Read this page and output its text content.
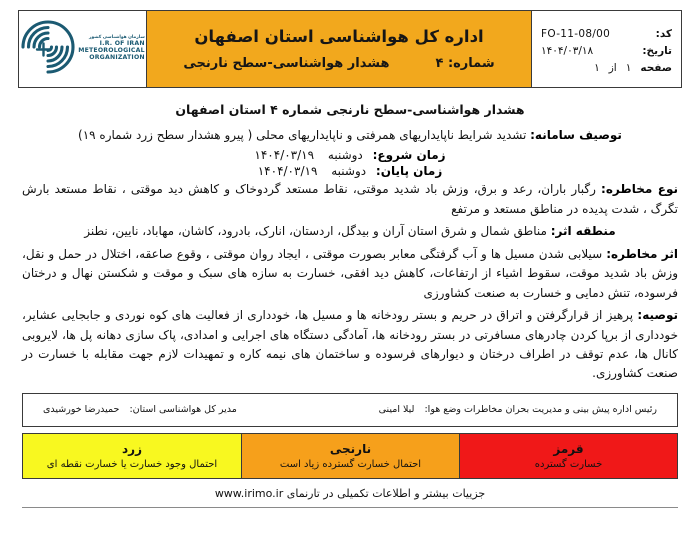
کد:
FO-11-08/00
تاریخ:
۱۴۰۴/۰۳/۱۸
صفحه
۱
از
۱
اداره کل هواشناسی استان اصفهان
شماره: ۴
هشدار هواشناسی-سطح نارنجی
سازمان هواشناسی کشور
I.R. OF IRAN
METEOROLOGICAL
ORGANIZATION
هشدار هواشناسی-سطح نارنجی شماره ۴ استان اصفهان
توصیف سامانه: تشدید شرایط ناپایداریهای همرفتی و ناپایداریهای محلی ( پیرو هشدار سطح زرد شماره ۱۹)
زمان شروع: دوشنبه ۱۴۰۴/۰۳/۱۹
زمان پایان: دوشنبه ۱۴۰۴/۰۳/۱۹
نوع مخاطره: رگبار باران، رعد و برق، وزش باد شدید موقتی، نقاط مستعد گردوخاک و کاهش دید موقتی ، نقاط مستعد بارش تگرگ ، شدت پدیده در مناطق مستعد و مرتفع
منطقه اثر: مناطق شمال و شرق استان آران و بیدگل، اردستان، انارک، بادرود، کاشان، مهاباد، نایین، نطنز
اثر مخاطره: سیلابی شدن مسیل ها و آب گرفتگی معابر بصورت موقتی ، ایجاد روان موقتی ، وقوع صاعقه، اختلال در حمل و نقل، وزش باد شدید موقت، سقوط اشیاء از ارتفاعات، کاهش دید افقی، خسارت به سازه های سبک و موقت و شکستن نهال و درختان فرسوده، تنش دمایی و خسارت به صنعت کشاورزی
توصیه: پرهیز از قرارگرفتن و اتراق در حریم و بستر رودخانه ها و مسیل ها، خودداری از فعالیت های کوه نوردی و جابجایی عشایر، خودداری از برپا کردن چادرهای مسافرتی در بستر رودخانه ها، آمادگی دستگاه های اجرایی و امدادی، پاک سازی دهانه پل ها، لایروبی کانال ها، عدم توقف در اطراف درختان و دیوارهای فرسوده و ساختمان های نیمه کاره و تمهیدات لازم جهت مقابله با خسارت در صنعت کشاورزی.
رئیس اداره پیش بینی و مدیریت بحران مخاطرات وضع هوا: لیلا امینی
مدیر کل هواشناسی استان: حمیدرضا خورشیدی
قرمز
خسارت گسترده
نارنجی
احتمال خسارت گسترده زیاد است
زرد
احتمال وجود خسارت یا خسارت نقطه ای
جزییات بیشتر و اطلاعات تکمیلی در تارنمای www.irimo.ir
